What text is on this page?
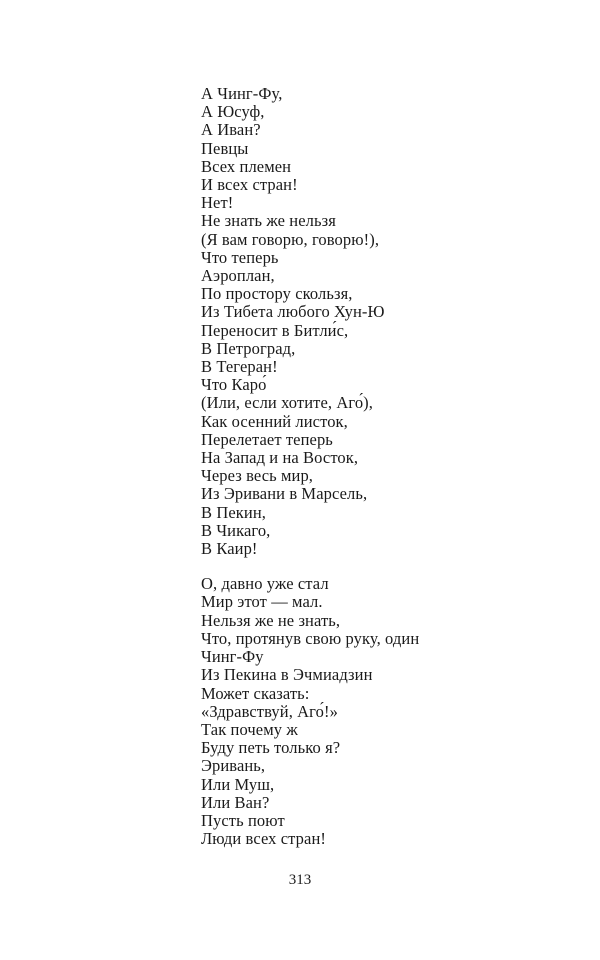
А Чинг-Фу,
А Юсуф,
А Иван?
Певцы
Всех племен
И всех стран!
Нет!
Не знать же нельзя
(Я вам говорю, говорю!),
Что теперь
Аэроплан,
По простору скользя,
Из Тибета любого Хун-Ю
Переносит в Битли́с,
В Петроград,
В Тегеран!
Что Каро́
(Или, если хотите, Аго́),
Как осенний листок,
Перелетает теперь
На Запад и на Восток,
Через весь мир,
Из Эривани в Марсель,
В Пекин,
В Чикаго,
В Каир!
О, давно уже стал
Мир этот — мал.
Нельзя же не знать,
Что, протянув свою руку, один
Чинг-Фу
Из Пекина в Эчмиадзин
Может сказать:
«Здравствуй, Аго́!»
Так почему ж
Буду петь только я?
Эривань,
Или Муш,
Или Ван?
Пусть поют
Люди всех стран!
313
